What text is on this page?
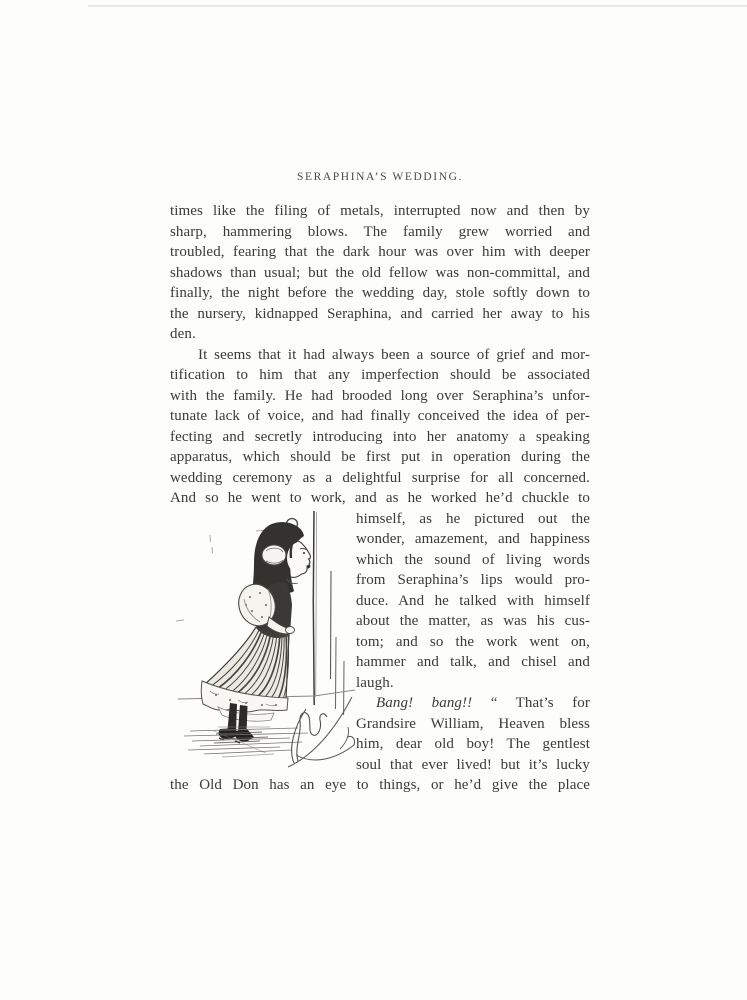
SERAPHINA’S WEDDING.
times like the filing of metals, interrupted now and then by
sharp, hammering blows. The family grew worried and
troubled, fearing that the dark hour was over him with deeper
shadows than usual; but the old fellow was non-committal, and
finally, the night before the wedding day, stole softly down to
the nursery, kidnapped Seraphina, and carried her away to his
den.
It seems that it had always been a source of grief and mor-
tification to him that any imperfection should be associated
with the family. He had brooded long over Seraphina’s unfor-
tunate lack of voice, and had finally conceived the idea of per-
fecting and secretly introducing into her anatomy a speaking
apparatus, which should be first put in operation during the
wedding ceremony as a delightful surprise for all concerned.
And so he went to work, and as he worked he’d chuckle to
himself, as he pictured out the
wonder, amazement, and happiness
which the sound of living words
from Seraphina’s lips would pro-
duce. And he talked with himself
about the matter, as was his cus-
tom; and so the work went on,
hammer and talk, and chisel and
laugh.
Bang! bang!! “ That’s for
Grandsire William, Heaven bless
him, dear old boy! The gentlest
soul that ever lived! but it’s lucky
the Old Don has an eye to things, or he’d give the place
